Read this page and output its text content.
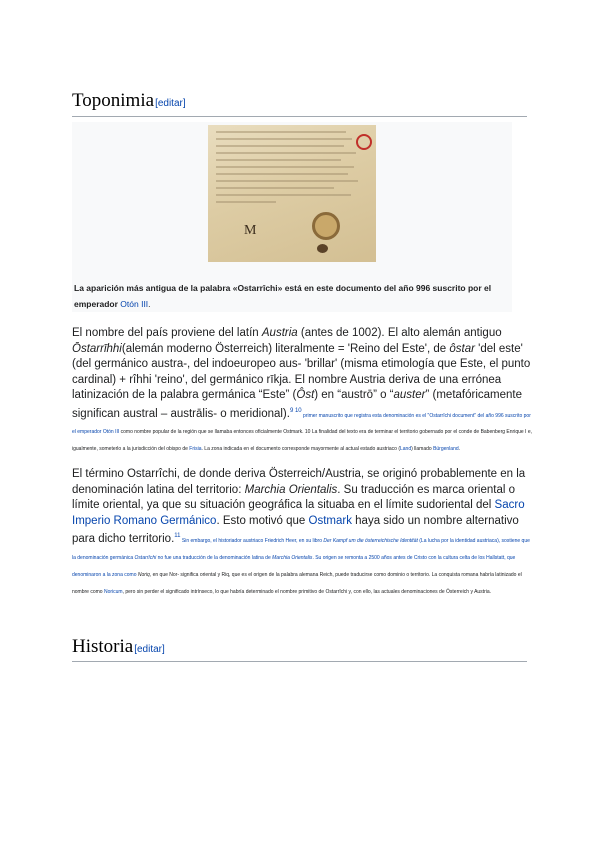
Toponimia[editar]
M
La aparición más antigua de la palabra «Ostarrîchi» está en este documento del año 996 suscrito por el emperador Otón III.
El nombre del país proviene del latín Austria (antes de 1002). El alto alemán antiguo Ōstarrīhhi(alemán moderno Österreich) literalmente = 'Reino del Este', de ôstar 'del este' (del germánico austra-, del indoeuropeo aus- 'brillar' (misma etimología que Este, el punto cardinal) + rîhhi 'reino', del germánico rīkja. El nombre Austria deriva de una errónea latinización de la palabra germánica “Este” (Ôst) en “austrō” o “auster” (metafóricamente significan austral – austrālis- o meridional).$^{9 10}$ primer manuscrito que registra esta denominación es el "Ostarrîchi document" del año 996 suscrito por el emperador Otón III como nombre popular de la región que se llamaba entonces oficialmente Ostmark. 10 La finalidad del texto era de terminar el territorio gobernado por el conde de Babenberg Enrique I e, igualmente, someterlo a la jurisdicción del obispo de Frisia. La zona indicada en el documento corresponde mayormente al actual estado austriaco (Land) llamado Bürgenland.
El término Ostarrîchi, de donde deriva Österreich/Austria, se originó probablemente en la denominación latina del territorio: Marchia Orientalis. Su traducción es marca oriental o límite oriental, ya que su situación geográfica la situaba en el límite sudoriental del Sacro Imperio Romano Germánico. Esto motivó que Ostmark haya sido un nombre alternativo para dicho territorio.$^{11}$ Sin embargo, el historiador austriaco Friedrich Heer, en su libro Der Kampf um die österreichische Identität (La lucha por la identidad austriaca), sostiene que la denominación germánica Ostarrîchi no fue una traducción de la denominación latina de Marchia Orientalis. Su origen se remonta a 2500 años antes de Cristo con la cultura celta de los Hallstatt, que denominaron a la zona como Noriq, en que Nor- significa oriental y Riq, que es el origen de la palabra alemana Reich, puede traducirse como dominio o territorio. La conquista romana habría latinizado el nombre como Noricum, pero sin perder el significado intrínseco, lo que habría determinado el nombre primitivo de Ostarrîchi y, con ello, las actuales denominaciones de Österreich y Austria.
Historia[editar]
